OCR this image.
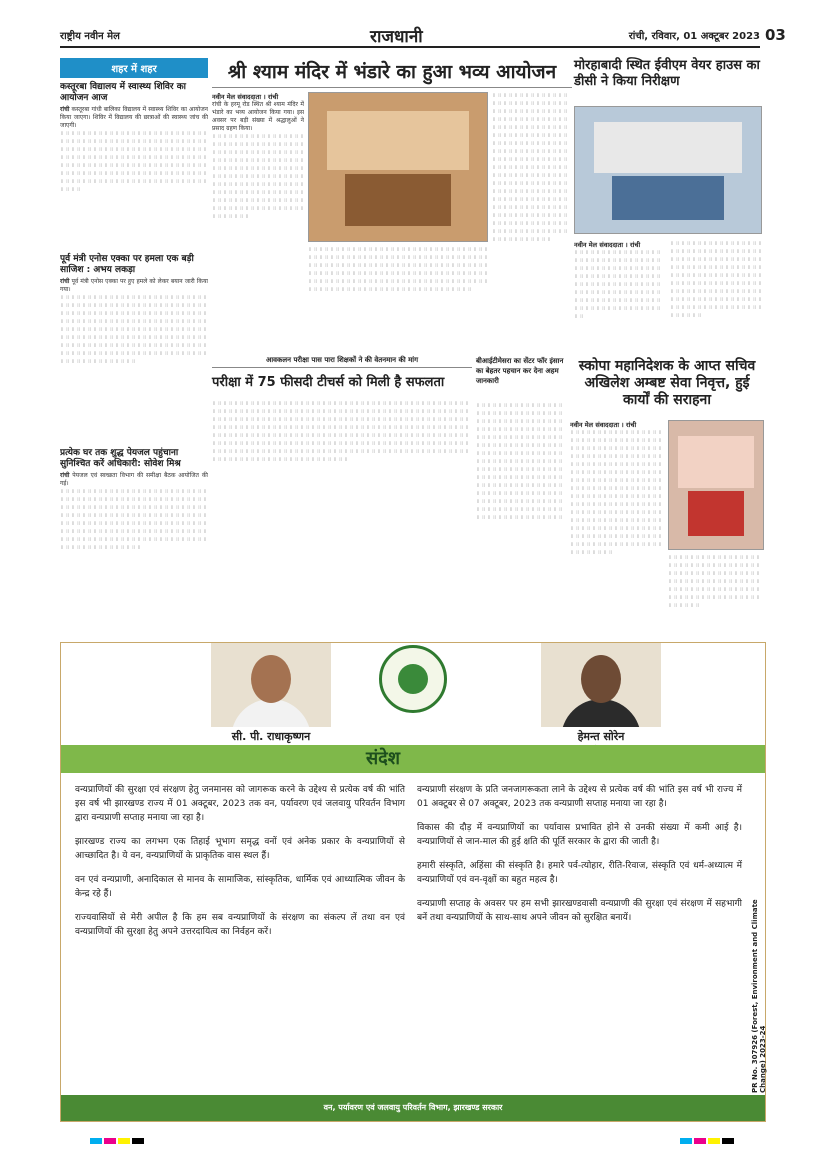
राष्ट्रीय नवीन मेल	राजधानी	रांची, रविवार, 01 अक्टूबर 2023 03
शहर में शहर
कस्तूरबा विद्यालय में स्वास्थ्य शिविर का आयोजन आज
रांची कस्तूरबा गांधी बालिका विद्यालय में स्वास्थ्य शिविर का आयोजन किया जाएगा। शिविर में विद्यालय की छात्राओं की स्वास्थ्य जांच की जाएगी।
॥ ॥ ॥ ॥ ॥ ॥ ॥ ॥ ॥ ॥ ॥ ॥ ॥ ॥ ॥ ॥ ॥ ॥ ॥ ॥ ॥ ॥ ॥ ॥ ॥ ॥ ॥ ॥ ॥ ॥ ॥ ॥ ॥ ॥ ॥ ॥ ॥ ॥ ॥ ॥ ॥ ॥ ॥ ॥ ॥ ॥ ॥ ॥ ॥ ॥ ॥ ॥ ॥ ॥ ॥ ॥ ॥ ॥ ॥ ॥ ॥ ॥ ॥ ॥ ॥ ॥ ॥ ॥ ॥ ॥ ॥ ॥ ॥ ॥ ॥ ॥ ॥ ॥ ॥ ॥ ॥ ॥ ॥ ॥ ॥ ॥ ॥ ॥ ॥ ॥ ॥ ॥ ॥ ॥ ॥ ॥ ॥ ॥ ॥ ॥ ॥ ॥ ॥ ॥ ॥ ॥ ॥ ॥ ॥ ॥ ॥ ॥ ॥ ॥ ॥ ॥ ॥ ॥ ॥ ॥ ॥ ॥ ॥ ॥ ॥ ॥ ॥ ॥ ॥ ॥ ॥ ॥ ॥ ॥ ॥ ॥ ॥ ॥ ॥ ॥ ॥ ॥ ॥ ॥ ॥ ॥ ॥ ॥ ॥ ॥ ॥ ॥ ॥ ॥ ॥ ॥ ॥ ॥ ॥ ॥ ॥ ॥ ॥ ॥ ॥ ॥ ॥ ॥ ॥ ॥ ॥ ॥ ॥ ॥ ॥ ॥ ॥ ॥ ॥ ॥ ॥ ॥ ॥ ॥ ॥ ॥ ॥ ॥ ॥ ॥ ॥ ॥ ॥
पूर्व मंत्री एनोस एक्का पर हमला एक बड़ी साजिश : अभय लकड़ा
रांची पूर्व मंत्री एनोस एक्का पर हुए हमले को लेकर बयान जारी किया गया।
॥ ॥ ॥ ॥ ॥ ॥ ॥ ॥ ॥ ॥ ॥ ॥ ॥ ॥ ॥ ॥ ॥ ॥ ॥ ॥ ॥ ॥ ॥ ॥ ॥ ॥ ॥ ॥ ॥ ॥ ॥ ॥ ॥ ॥ ॥ ॥ ॥ ॥ ॥ ॥ ॥ ॥ ॥ ॥ ॥ ॥ ॥ ॥ ॥ ॥ ॥ ॥ ॥ ॥ ॥ ॥ ॥ ॥ ॥ ॥ ॥ ॥ ॥ ॥ ॥ ॥ ॥ ॥ ॥ ॥ ॥ ॥ ॥ ॥ ॥ ॥ ॥ ॥ ॥ ॥ ॥ ॥ ॥ ॥ ॥ ॥ ॥ ॥ ॥ ॥ ॥ ॥ ॥ ॥ ॥ ॥ ॥ ॥ ॥ ॥ ॥ ॥ ॥ ॥ ॥ ॥ ॥ ॥ ॥ ॥ ॥ ॥ ॥ ॥ ॥ ॥ ॥ ॥ ॥ ॥ ॥ ॥ ॥ ॥ ॥ ॥ ॥ ॥ ॥ ॥ ॥ ॥ ॥ ॥ ॥ ॥ ॥ ॥ ॥ ॥ ॥ ॥ ॥ ॥ ॥ ॥ ॥ ॥ ॥ ॥ ॥ ॥ ॥ ॥ ॥ ॥ ॥ ॥ ॥ ॥ ॥ ॥ ॥ ॥ ॥ ॥ ॥ ॥ ॥ ॥ ॥ ॥ ॥ ॥ ॥ ॥ ॥ ॥ ॥ ॥ ॥ ॥ ॥ ॥ ॥ ॥ ॥ ॥ ॥ ॥ ॥ ॥ ॥ ॥ ॥ ॥ ॥ ॥ ॥ ॥ ॥ ॥ ॥ ॥ ॥ ॥ ॥ ॥ ॥ ॥ ॥ ॥ ॥ ॥ ॥ ॥ ॥ ॥ ॥ ॥ ॥ ॥ ॥ ॥ ॥ ॥ ॥ ॥ ॥ ॥
प्रत्येक घर तक शुद्ध पेयजल पहुंचाना सुनिश्चित करें अधिकारी: सोवेश मिश्र
रांची पेयजल एवं स्वच्छता विभाग की समीक्षा बैठक आयोजित की गई।
॥ ॥ ॥ ॥ ॥ ॥ ॥ ॥ ॥ ॥ ॥ ॥ ॥ ॥ ॥ ॥ ॥ ॥ ॥ ॥ ॥ ॥ ॥ ॥ ॥ ॥ ॥ ॥ ॥ ॥ ॥ ॥ ॥ ॥ ॥ ॥ ॥ ॥ ॥ ॥ ॥ ॥ ॥ ॥ ॥ ॥ ॥ ॥ ॥ ॥ ॥ ॥ ॥ ॥ ॥ ॥ ॥ ॥ ॥ ॥ ॥ ॥ ॥ ॥ ॥ ॥ ॥ ॥ ॥ ॥ ॥ ॥ ॥ ॥ ॥ ॥ ॥ ॥ ॥ ॥ ॥ ॥ ॥ ॥ ॥ ॥ ॥ ॥ ॥ ॥ ॥ ॥ ॥ ॥ ॥ ॥ ॥ ॥ ॥ ॥ ॥ ॥ ॥ ॥ ॥ ॥ ॥ ॥ ॥ ॥ ॥ ॥ ॥ ॥ ॥ ॥ ॥ ॥ ॥ ॥ ॥ ॥ ॥ ॥ ॥ ॥ ॥ ॥ ॥ ॥ ॥ ॥ ॥ ॥ ॥ ॥ ॥ ॥ ॥ ॥ ॥ ॥ ॥ ॥ ॥ ॥ ॥ ॥ ॥ ॥ ॥ ॥ ॥ ॥ ॥ ॥ ॥ ॥ ॥ ॥ ॥ ॥ ॥ ॥ ॥ ॥ ॥ ॥ ॥ ॥ ॥ ॥ ॥ ॥ ॥ ॥ ॥ ॥ ॥ ॥ ॥ ॥ ॥ ॥ ॥ ॥ ॥ ॥ ॥ ॥ ॥ ॥ ॥ ॥ ॥ ॥ ॥ ॥ ॥ ॥ ॥ ॥ ॥ ॥
श्री श्याम मंदिर में भंडारे का हुआ भव्य आयोजन
नवीन मेल संवाददाता । रांची
रांची के हरमू रोड स्थित श्री श्याम मंदिर में भंडारे का भव्य आयोजन किया गया। इस अवसर पर बड़ी संख्या में श्रद्धालुओं ने प्रसाद ग्रहण किया।
॥ ॥ ॥ ॥ ॥ ॥ ॥ ॥ ॥ ॥ ॥ ॥ ॥ ॥ ॥ ॥ ॥ ॥ ॥ ॥ ॥ ॥ ॥ ॥ ॥ ॥ ॥ ॥ ॥ ॥ ॥ ॥ ॥ ॥ ॥ ॥ ॥ ॥ ॥ ॥ ॥ ॥ ॥ ॥ ॥ ॥ ॥ ॥ ॥ ॥ ॥ ॥ ॥ ॥ ॥ ॥ ॥ ॥ ॥ ॥ ॥ ॥ ॥ ॥ ॥ ॥ ॥ ॥ ॥ ॥ ॥ ॥ ॥ ॥ ॥ ॥ ॥ ॥ ॥ ॥ ॥ ॥ ॥ ॥ ॥ ॥ ॥ ॥ ॥ ॥ ॥ ॥ ॥ ॥ ॥ ॥ ॥ ॥ ॥ ॥ ॥ ॥ ॥ ॥ ॥ ॥ ॥ ॥ ॥ ॥ ॥ ॥ ॥ ॥ ॥ ॥ ॥ ॥ ॥ ॥ ॥ ॥ ॥ ॥ ॥ ॥ ॥ ॥ ॥ ॥ ॥ ॥ ॥ ॥ ॥ ॥ ॥ ॥ ॥ ॥ ॥ ॥ ॥ ॥ ॥ ॥ ॥ ॥ ॥ ॥ ॥ ॥ ॥ ॥ ॥ ॥ ॥ ॥ ॥ ॥ ॥ ॥ ॥ ॥ ॥ ॥ ॥ ॥ ॥ ॥ ॥ ॥ ॥ ॥ ॥ ॥ ॥
॥ ॥ ॥ ॥ ॥ ॥ ॥ ॥ ॥ ॥ ॥ ॥ ॥ ॥ ॥ ॥ ॥ ॥ ॥ ॥ ॥ ॥ ॥ ॥ ॥ ॥ ॥ ॥ ॥ ॥ ॥ ॥ ॥ ॥ ॥ ॥ ॥ ॥ ॥ ॥ ॥ ॥ ॥ ॥ ॥ ॥ ॥ ॥ ॥ ॥ ॥ ॥ ॥ ॥ ॥ ॥ ॥ ॥ ॥ ॥ ॥ ॥ ॥ ॥ ॥ ॥ ॥ ॥ ॥ ॥ ॥ ॥ ॥ ॥ ॥ ॥ ॥ ॥ ॥ ॥ ॥ ॥ ॥ ॥ ॥ ॥ ॥ ॥ ॥ ॥ ॥ ॥ ॥ ॥ ॥ ॥ ॥ ॥ ॥ ॥ ॥ ॥ ॥ ॥ ॥ ॥ ॥ ॥ ॥ ॥ ॥ ॥ ॥ ॥ ॥ ॥ ॥ ॥ ॥ ॥ ॥ ॥ ॥ ॥ ॥ ॥ ॥ ॥ ॥ ॥ ॥ ॥ ॥ ॥ ॥ ॥ ॥ ॥ ॥ ॥ ॥ ॥ ॥ ॥ ॥ ॥ ॥ ॥ ॥ ॥ ॥ ॥ ॥ ॥ ॥ ॥ ॥ ॥ ॥ ॥ ॥ ॥ ॥ ॥ ॥ ॥ ॥ ॥ ॥ ॥ ॥ ॥ ॥ ॥ ॥ ॥ ॥ ॥ ॥ ॥ ॥ ॥ ॥ ॥ ॥ ॥ ॥ ॥ ॥ ॥ ॥ ॥ ॥ ॥ ॥
॥ ॥ ॥ ॥ ॥ ॥ ॥ ॥ ॥ ॥ ॥ ॥ ॥ ॥ ॥ ॥ ॥ ॥ ॥ ॥ ॥ ॥ ॥ ॥ ॥ ॥ ॥ ॥ ॥ ॥ ॥ ॥ ॥ ॥ ॥ ॥ ॥ ॥ ॥ ॥ ॥ ॥ ॥ ॥ ॥ ॥ ॥ ॥ ॥ ॥ ॥ ॥ ॥ ॥ ॥ ॥ ॥ ॥ ॥ ॥ ॥ ॥ ॥ ॥ ॥ ॥ ॥ ॥ ॥ ॥ ॥ ॥ ॥ ॥ ॥ ॥ ॥ ॥ ॥ ॥ ॥ ॥ ॥ ॥ ॥ ॥ ॥ ॥ ॥ ॥ ॥ ॥ ॥ ॥ ॥ ॥ ॥ ॥ ॥ ॥ ॥ ॥ ॥ ॥ ॥ ॥ ॥ ॥ ॥ ॥ ॥ ॥ ॥ ॥ ॥ ॥ ॥ ॥ ॥ ॥ ॥ ॥ ॥ ॥ ॥ ॥ ॥ ॥ ॥ ॥ ॥ ॥ ॥ ॥ ॥ ॥ ॥ ॥ ॥ ॥ ॥ ॥ ॥ ॥ ॥ ॥ ॥ ॥ ॥ ॥ ॥ ॥ ॥ ॥ ॥ ॥ ॥ ॥ ॥ ॥ ॥ ॥ ॥ ॥ ॥ ॥ ॥ ॥ ॥ ॥ ॥ ॥ ॥ ॥ ॥ ॥ ॥ ॥ ॥ ॥ ॥ ॥ ॥ ॥ ॥ ॥ ॥ ॥ ॥ ॥ ॥ ॥ ॥ ॥ ॥ ॥ ॥ ॥ ॥ ॥ ॥ ॥ ॥ ॥ ॥ ॥ ॥ ॥ ॥ ॥ ॥ ॥ ॥ ॥ ॥ ॥ ॥ ॥ ॥ ॥ ॥ ॥ ॥ ॥ ॥ ॥ ॥ ॥ ॥ ॥ ॥ ॥ ॥ ॥ ॥ ॥ ॥ ॥ ॥ ॥ ॥ ॥ ॥ ॥ ॥ ॥ ॥ ॥ ॥ ॥ ॥ ॥ ॥ ॥ ॥ ॥ ॥ ॥ ॥ ॥ ॥ ॥ ॥
मोरहाबादी स्थित ईवीएम वेयर हाउस का डीसी ने किया निरीक्षण
नवीन मेल संवाददाता । रांची
॥ ॥ ॥ ॥ ॥ ॥ ॥ ॥ ॥ ॥ ॥ ॥ ॥ ॥ ॥ ॥ ॥ ॥ ॥ ॥ ॥ ॥ ॥ ॥ ॥ ॥ ॥ ॥ ॥ ॥ ॥ ॥ ॥ ॥ ॥ ॥ ॥ ॥ ॥ ॥ ॥ ॥ ॥ ॥ ॥ ॥ ॥ ॥ ॥ ॥ ॥ ॥ ॥ ॥ ॥ ॥ ॥ ॥ ॥ ॥ ॥ ॥ ॥ ॥ ॥ ॥ ॥ ॥ ॥ ॥ ॥ ॥ ॥ ॥ ॥ ॥ ॥ ॥ ॥ ॥ ॥ ॥ ॥ ॥ ॥ ॥ ॥ ॥ ॥ ॥ ॥ ॥ ॥ ॥ ॥ ॥ ॥ ॥ ॥ ॥ ॥ ॥ ॥ ॥ ॥ ॥ ॥ ॥ ॥ ॥ ॥ ॥ ॥ ॥ ॥ ॥ ॥ ॥ ॥ ॥ ॥ ॥ ॥ ॥ ॥ ॥ ॥ ॥ ॥ ॥
॥ ॥ ॥ ॥ ॥ ॥ ॥ ॥ ॥ ॥ ॥ ॥ ॥ ॥ ॥ ॥ ॥ ॥ ॥ ॥ ॥ ॥ ॥ ॥ ॥ ॥ ॥ ॥ ॥ ॥ ॥ ॥ ॥ ॥ ॥ ॥ ॥ ॥ ॥ ॥ ॥ ॥ ॥ ॥ ॥ ॥ ॥ ॥ ॥ ॥ ॥ ॥ ॥ ॥ ॥ ॥ ॥ ॥ ॥ ॥ ॥ ॥ ॥ ॥ ॥ ॥ ॥ ॥ ॥ ॥ ॥ ॥ ॥ ॥ ॥ ॥ ॥ ॥ ॥ ॥ ॥ ॥ ॥ ॥ ॥ ॥ ॥ ॥ ॥ ॥ ॥ ॥ ॥ ॥ ॥ ॥ ॥ ॥ ॥ ॥ ॥ ॥ ॥ ॥ ॥ ॥ ॥ ॥ ॥ ॥ ॥ ॥ ॥ ॥ ॥ ॥ ॥ ॥ ॥ ॥ ॥ ॥ ॥ ॥ ॥ ॥ ॥ ॥ ॥ ॥ ॥ ॥ ॥ ॥ ॥ ॥ ॥ ॥ ॥ ॥ ॥ ॥ ॥ ॥ ॥ ॥ ॥ ॥ ॥ ॥ ॥ ॥ ॥ ॥ ॥ ॥ ॥ ॥ ॥
आवकलन परीक्षा पास पारा शिक्षकों ने की वेतनमान की मांग
परीक्षा में 75 फीसदी टीचर्स को मिली है सफलता
॥ ॥ ॥ ॥ ॥ ॥ ॥ ॥ ॥ ॥ ॥ ॥ ॥ ॥ ॥ ॥ ॥ ॥ ॥ ॥ ॥ ॥ ॥ ॥ ॥ ॥ ॥ ॥ ॥ ॥ ॥ ॥ ॥ ॥ ॥ ॥ ॥ ॥ ॥ ॥ ॥ ॥ ॥ ॥ ॥ ॥ ॥ ॥ ॥ ॥ ॥ ॥ ॥ ॥ ॥ ॥ ॥ ॥ ॥ ॥ ॥ ॥ ॥ ॥ ॥ ॥ ॥ ॥ ॥ ॥ ॥ ॥ ॥ ॥ ॥ ॥ ॥ ॥ ॥ ॥ ॥ ॥ ॥ ॥ ॥ ॥ ॥ ॥ ॥ ॥ ॥ ॥ ॥ ॥ ॥ ॥ ॥ ॥ ॥ ॥ ॥ ॥ ॥ ॥ ॥ ॥ ॥ ॥ ॥ ॥ ॥ ॥ ॥ ॥ ॥ ॥ ॥ ॥ ॥ ॥ ॥ ॥ ॥ ॥ ॥ ॥ ॥ ॥ ॥ ॥ ॥ ॥ ॥ ॥ ॥ ॥ ॥ ॥ ॥ ॥ ॥ ॥ ॥ ॥ ॥ ॥ ॥ ॥ ॥ ॥ ॥ ॥ ॥ ॥ ॥ ॥ ॥ ॥ ॥ ॥ ॥ ॥ ॥ ॥ ॥ ॥ ॥ ॥ ॥ ॥ ॥ ॥ ॥ ॥ ॥ ॥ ॥ ॥ ॥ ॥ ॥ ॥ ॥ ॥ ॥ ॥ ॥ ॥ ॥ ॥ ॥ ॥ ॥ ॥ ॥ ॥ ॥ ॥ ॥ ॥ ॥ ॥ ॥ ॥ ॥ ॥ ॥ ॥ ॥ ॥ ॥ ॥ ॥ ॥ ॥ ॥ ॥ ॥ ॥ ॥ ॥ ॥ ॥ ॥ ॥ ॥ ॥ ॥ ॥ ॥ ॥ ॥ ॥ ॥ ॥ ॥ ॥ ॥ ॥ ॥ ॥ ॥ ॥ ॥ ॥ ॥ ॥ ॥ ॥ ॥ ॥ ॥ ॥ ॥ ॥ ॥ ॥ ॥ ॥ ॥ ॥ ॥ ॥ ॥ ॥ ॥ ॥ ॥ ॥ ॥ ॥ ॥ ॥ ॥ ॥ ॥ ॥ ॥ ॥ ॥ ॥ ॥ ॥ ॥ ॥ ॥ ॥ ॥ ॥ ॥ ॥ ॥ ॥ ॥ ॥ ॥ ॥ ॥ ॥ ॥ ॥ ॥ ॥ ॥ ॥ ॥ ॥ ॥ ॥ ॥ ॥ ॥ ॥ ॥ ॥ ॥ ॥ ॥ ॥ ॥ ॥ ॥ ॥ ॥ ॥ ॥ ॥ ॥ ॥ ॥ ॥ ॥ ॥ ॥ ॥ ॥ ॥ ॥ ॥ ॥ ॥ ॥ ॥ ॥ ॥ ॥ ॥ ॥ ॥ ॥ ॥ ॥ ॥ ॥
बीआईटीमेसरा का सेंटर फॉर इंसान का बेहतर पहचान कर देना अहम जानकारी
॥ ॥ ॥ ॥ ॥ ॥ ॥ ॥ ॥ ॥ ॥ ॥ ॥ ॥ ॥ ॥ ॥ ॥ ॥ ॥ ॥ ॥ ॥ ॥ ॥ ॥ ॥ ॥ ॥ ॥ ॥ ॥ ॥ ॥ ॥ ॥ ॥ ॥ ॥ ॥ ॥ ॥ ॥ ॥ ॥ ॥ ॥ ॥ ॥ ॥ ॥ ॥ ॥ ॥ ॥ ॥ ॥ ॥ ॥ ॥ ॥ ॥ ॥ ॥ ॥ ॥ ॥ ॥ ॥ ॥ ॥ ॥ ॥ ॥ ॥ ॥ ॥ ॥ ॥ ॥ ॥ ॥ ॥ ॥ ॥ ॥ ॥ ॥ ॥ ॥ ॥ ॥ ॥ ॥ ॥ ॥ ॥ ॥ ॥ ॥ ॥ ॥ ॥ ॥ ॥ ॥ ॥ ॥ ॥ ॥ ॥ ॥ ॥ ॥ ॥ ॥ ॥ ॥ ॥ ॥ ॥ ॥ ॥ ॥ ॥ ॥ ॥ ॥ ॥ ॥ ॥ ॥ ॥ ॥ ॥ ॥ ॥ ॥ ॥ ॥ ॥ ॥ ॥ ॥ ॥ ॥ ॥ ॥ ॥ ॥ ॥ ॥ ॥ ॥ ॥ ॥ ॥ ॥ ॥ ॥ ॥ ॥ ॥ ॥ ॥ ॥ ॥ ॥ ॥ ॥ ॥ ॥ ॥ ॥ ॥ ॥ ॥ ॥ ॥ ॥ ॥ ॥ ॥ ॥ ॥ ॥ ॥ ॥ ॥ ॥ ॥ ॥ ॥ ॥ ॥ ॥ ॥ ॥ ॥ ॥ ॥ ॥ ॥ ॥ ॥ ॥ ॥ ॥ ॥ ॥ ॥ ॥ ॥ ॥ ॥ ॥ ॥ ॥ ॥ ॥ ॥ ॥ ॥ ॥ ॥ ॥ ॥ ॥ ॥ ॥ ॥ ॥ ॥ ॥ ॥ ॥ ॥ ॥ ॥ ॥
स्कोपा महानिदेशक के आप्त सचिव अखिलेश अम्बष्ट सेवा निवृत्त, हुई कार्यों की सराहना
नवीन मेल संवाददाता । रांची
॥ ॥ ॥ ॥ ॥ ॥ ॥ ॥ ॥ ॥ ॥ ॥ ॥ ॥ ॥ ॥ ॥ ॥ ॥ ॥ ॥ ॥ ॥ ॥ ॥ ॥ ॥ ॥ ॥ ॥ ॥ ॥ ॥ ॥ ॥ ॥ ॥ ॥ ॥ ॥ ॥ ॥ ॥ ॥ ॥ ॥ ॥ ॥ ॥ ॥ ॥ ॥ ॥ ॥ ॥ ॥ ॥ ॥ ॥ ॥ ॥ ॥ ॥ ॥ ॥ ॥ ॥ ॥ ॥ ॥ ॥ ॥ ॥ ॥ ॥ ॥ ॥ ॥ ॥ ॥ ॥ ॥ ॥ ॥ ॥ ॥ ॥ ॥ ॥ ॥ ॥ ॥ ॥ ॥ ॥ ॥ ॥ ॥ ॥ ॥ ॥ ॥ ॥ ॥ ॥ ॥ ॥ ॥ ॥ ॥ ॥ ॥ ॥ ॥ ॥ ॥ ॥ ॥ ॥ ॥ ॥ ॥ ॥ ॥ ॥ ॥ ॥ ॥ ॥ ॥ ॥ ॥ ॥ ॥ ॥ ॥ ॥ ॥ ॥ ॥ ॥ ॥ ॥ ॥ ॥ ॥ ॥ ॥ ॥ ॥ ॥ ॥ ॥ ॥ ॥ ॥ ॥ ॥ ॥ ॥ ॥ ॥ ॥ ॥ ॥ ॥ ॥ ॥ ॥ ॥ ॥ ॥ ॥ ॥ ॥ ॥ ॥ ॥ ॥ ॥ ॥ ॥ ॥ ॥ ॥ ॥ ॥ ॥ ॥ ॥ ॥ ॥ ॥ ॥ ॥ ॥ ॥ ॥ ॥ ॥ ॥ ॥ ॥ ॥ ॥ ॥ ॥ ॥ ॥ ॥ ॥ ॥ ॥ ॥ ॥ ॥ ॥ ॥ ॥ ॥ ॥ ॥ ॥ ॥ ॥ ॥ ॥ ॥ ॥ ॥ ॥ ॥ ॥ ॥ ॥ ॥ ॥ ॥ ॥ ॥ ॥ ॥ ॥ ॥ ॥ ॥ ॥ ॥ ॥ ॥ ॥ ॥ ॥ ॥ ॥ ॥ ॥ ॥ ॥ ॥ ॥ ॥ ॥
॥ ॥ ॥ ॥ ॥ ॥ ॥ ॥ ॥ ॥ ॥ ॥ ॥ ॥ ॥ ॥ ॥ ॥ ॥ ॥ ॥ ॥ ॥ ॥ ॥ ॥ ॥ ॥ ॥ ॥ ॥ ॥ ॥ ॥ ॥ ॥ ॥ ॥ ॥ ॥ ॥ ॥ ॥ ॥ ॥ ॥ ॥ ॥ ॥ ॥ ॥ ॥ ॥ ॥ ॥ ॥ ॥ ॥ ॥ ॥ ॥ ॥ ॥ ॥ ॥ ॥ ॥ ॥ ॥ ॥ ॥ ॥ ॥ ॥ ॥ ॥ ॥ ॥ ॥ ॥ ॥ ॥ ॥ ॥ ॥ ॥ ॥ ॥ ॥ ॥ ॥ ॥ ॥ ॥ ॥ ॥ ॥ ॥ ॥ ॥ ॥ ॥ ॥ ॥ ॥ ॥ ॥ ॥
सी. पी. राधाकृष्णन	हेमन्त सोरेन
संदेश

वन्यप्राणियों की सुरक्षा एवं संरक्षण हेतु जनमानस को जागरूक करने के उद्देश्य से प्रत्येक वर्ष की भांति इस वर्ष भी झारखण्ड राज्य में 01 अक्टूबर, 2023 तक वन, पर्यावरण एवं जलवायु परिवर्तन विभाग द्वारा वन्यप्राणी सप्ताह मनाया जा रहा है।

झारखण्ड राज्य का लगभग एक तिहाई भूभाग समृद्ध वनों एवं अनेक प्रकार के वन्यप्राणियों से आच्छादित है। ये वन, वन्यप्राणियों के प्राकृतिक वास स्थल हैं।

वन एवं वन्यप्राणी, अनादिकाल से मानव के सामाजिक, सांस्कृतिक, धार्मिक एवं आध्यात्मिक जीवन के केन्द्र रहे हैं।

राज्यवासियों से मेरी अपील है कि हम सब वन्यप्राणियों के संरक्षण का संकल्प लें तथा वन एवं वन्यप्राणियों की सुरक्षा हेतु अपने उत्तरदायित्व का निर्वहन करें।

वन्यप्राणी संरक्षण के प्रति जनजागरूकता लाने के उद्देश्य से प्रत्येक वर्ष की भांति इस वर्ष भी राज्य में 01 अक्टूबर से 07 अक्टूबर, 2023 तक वन्यप्राणी सप्ताह मनाया जा रहा है।

विकास की दौड़ में वन्यप्राणियों का पर्यावास प्रभावित होने से उनकी संख्या में कमी आई है। वन्यप्राणियों से जान-माल की हुई क्षति की पूर्ति सरकार के द्वारा की जाती है।

हमारी संस्कृति, अहिंसा की संस्कृति है। हमारे पर्व-त्योहार, रीति-रिवाज, संस्कृति एवं धर्म-अध्यात्म में वन्यप्राणियों एवं वन-वृक्षों का बहुत महत्व है।

वन्यप्राणी सप्ताह के अवसर पर हम सभी झारखण्डवासी वन्यप्राणी की सुरक्षा एवं संरक्षण में सहभागी बनें तथा वन्यप्राणियों के साथ-साथ अपने जीवन को सुरक्षित बनायें।	PR No. 307926 (Forest, Environment and Climate Change) 2023-24
वन, पर्यावरण एवं जलवायु परिवर्तन विभाग, झारखण्ड सरकार
